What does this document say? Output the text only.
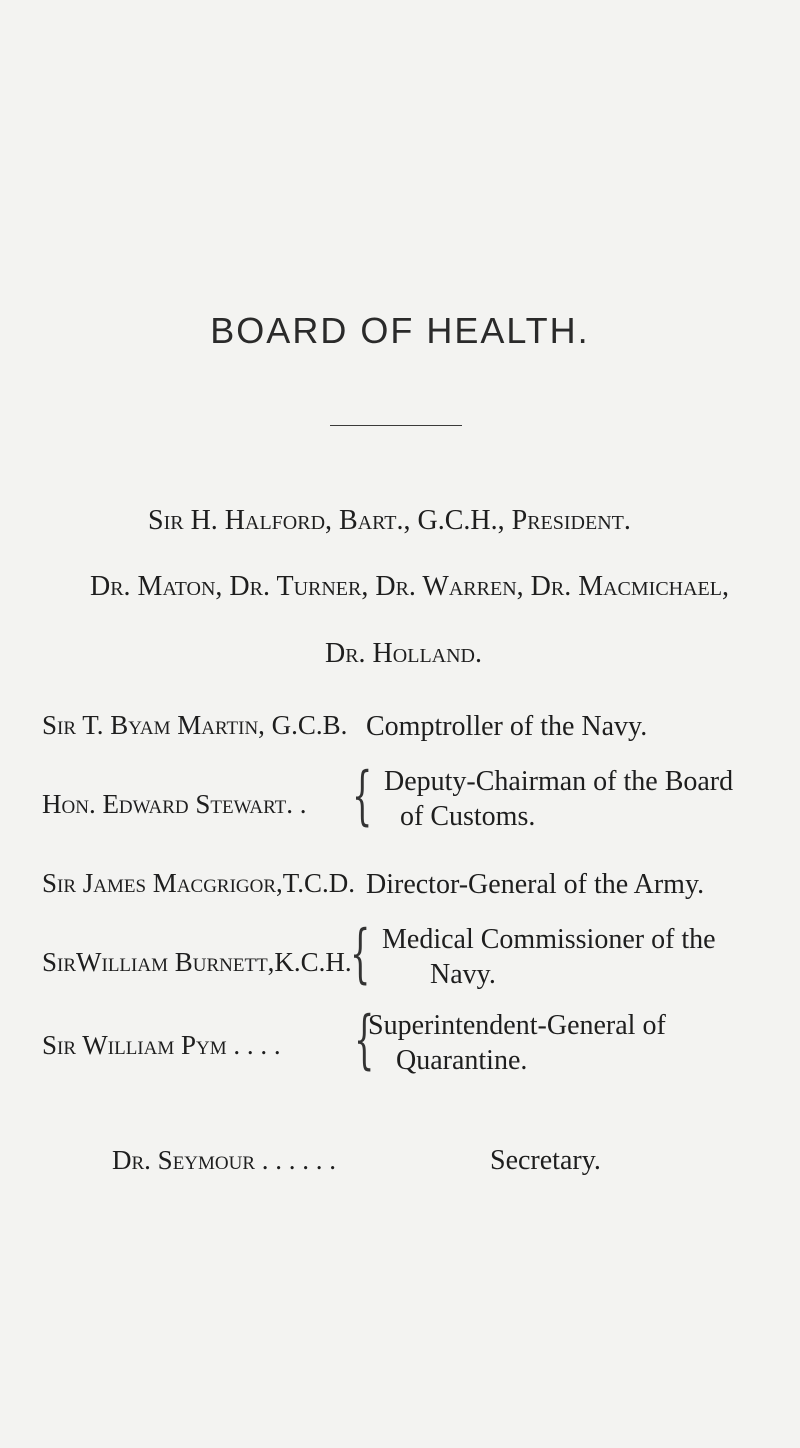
BOARD OF HEALTH.
Sir H. Halford, Bart., G.C.H., President.
Dr. Maton, Dr. Turner, Dr. Warren, Dr. Macmichael,
Dr. Holland.
Sir T. Byam Martin, G.C.B. Comptroller of the Navy.
Hon. Edward Stewart. . { Deputy-Chairman of the Board
of Customs.
Sir James Macgrigor,T.C.D. Director-General of the Army.
SirWilliam Burnett,K.C.H.
{ Medical Commissioner of the
Navy.
Sir William Pym . . . . {
Superintendent-General of
Quarantine.
Dr. Seymour . . . . . .	Secretary.
